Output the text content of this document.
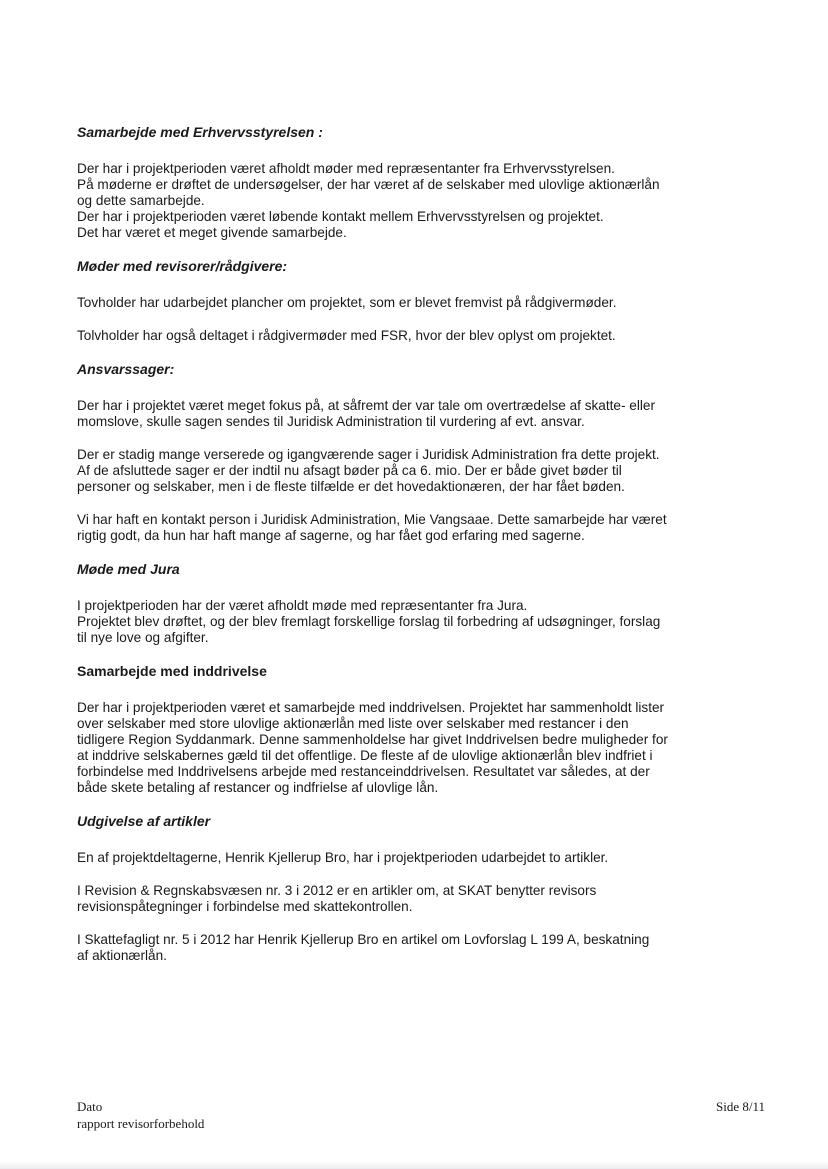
Samarbejde med Erhvervsstyrelsen :

Der har i projektperioden været afholdt møder med repræsentanter fra Erhvervsstyrelsen.
På møderne er drøftet de undersøgelser, der har været af de selskaber med ulovlige aktionærlån
og dette samarbejde.
Der har i projektperioden været løbende kontakt mellem Erhvervsstyrelsen og projektet.
Det har været et meget givende samarbejde.

Møder med revisorer/rådgivere:

Tovholder har udarbejdet plancher om projektet, som er blevet fremvist på rådgivermøder.

Tolvholder har også deltaget i rådgivermøder med FSR, hvor der blev oplyst om projektet.

Ansvarssager:

Der har i projektet været meget fokus på, at såfremt der var tale om overtrædelse af skatte- eller
momslove, skulle sagen sendes til Juridisk Administration til vurdering af evt. ansvar.

Der er stadig mange verserede og igangværende sager i Juridisk Administration fra dette projekt.
Af de afsluttede sager er der indtil nu afsagt bøder på ca 6. mio. Der er både givet bøder til
personer og selskaber, men i de fleste tilfælde er det hovedaktionæren, der har fået bøden.

Vi har haft en kontakt person i Juridisk Administration, Mie Vangsaae. Dette samarbejde har været
rigtig godt, da hun har haft mange af sagerne, og har fået god erfaring med sagerne.

Møde med Jura

I projektperioden har der været afholdt møde med repræsentanter fra Jura.
Projektet blev drøftet, og der blev fremlagt forskellige forslag til forbedring af udsøgninger, forslag
til nye love og afgifter.

Samarbejde med inddrivelse

Der har i projektperioden været et samarbejde med inddrivelsen. Projektet har sammenholdt lister
over selskaber med store ulovlige aktionærlån med liste over selskaber med restancer i den
tidligere Region Syddanmark. Denne sammenholdelse har givet Inddrivelsen bedre muligheder for
at inddrive selskabernes gæld til det offentlige. De fleste af de ulovlige aktionærlån blev indfriet i
forbindelse med Inddrivelsens arbejde med restanceinddrivelsen. Resultatet var således, at der
både skete betaling af restancer og indfrielse af ulovlige lån.

Udgivelse af artikler

En af projektdeltagerne, Henrik Kjellerup Bro, har i projektperioden udarbejdet to artikler.

I Revision & Regnskabsvæsen nr. 3 i 2012 er en artikler om, at SKAT benytter revisors
revisionspåtegninger i forbindelse med skattekontrollen.

I Skattefagligt nr. 5 i 2012 har Henrik Kjellerup Bro en artikel om Lovforslag L 199 A, beskatning
af aktionærlån.

Dato
rapport revisorforbehold
Side 8/11
